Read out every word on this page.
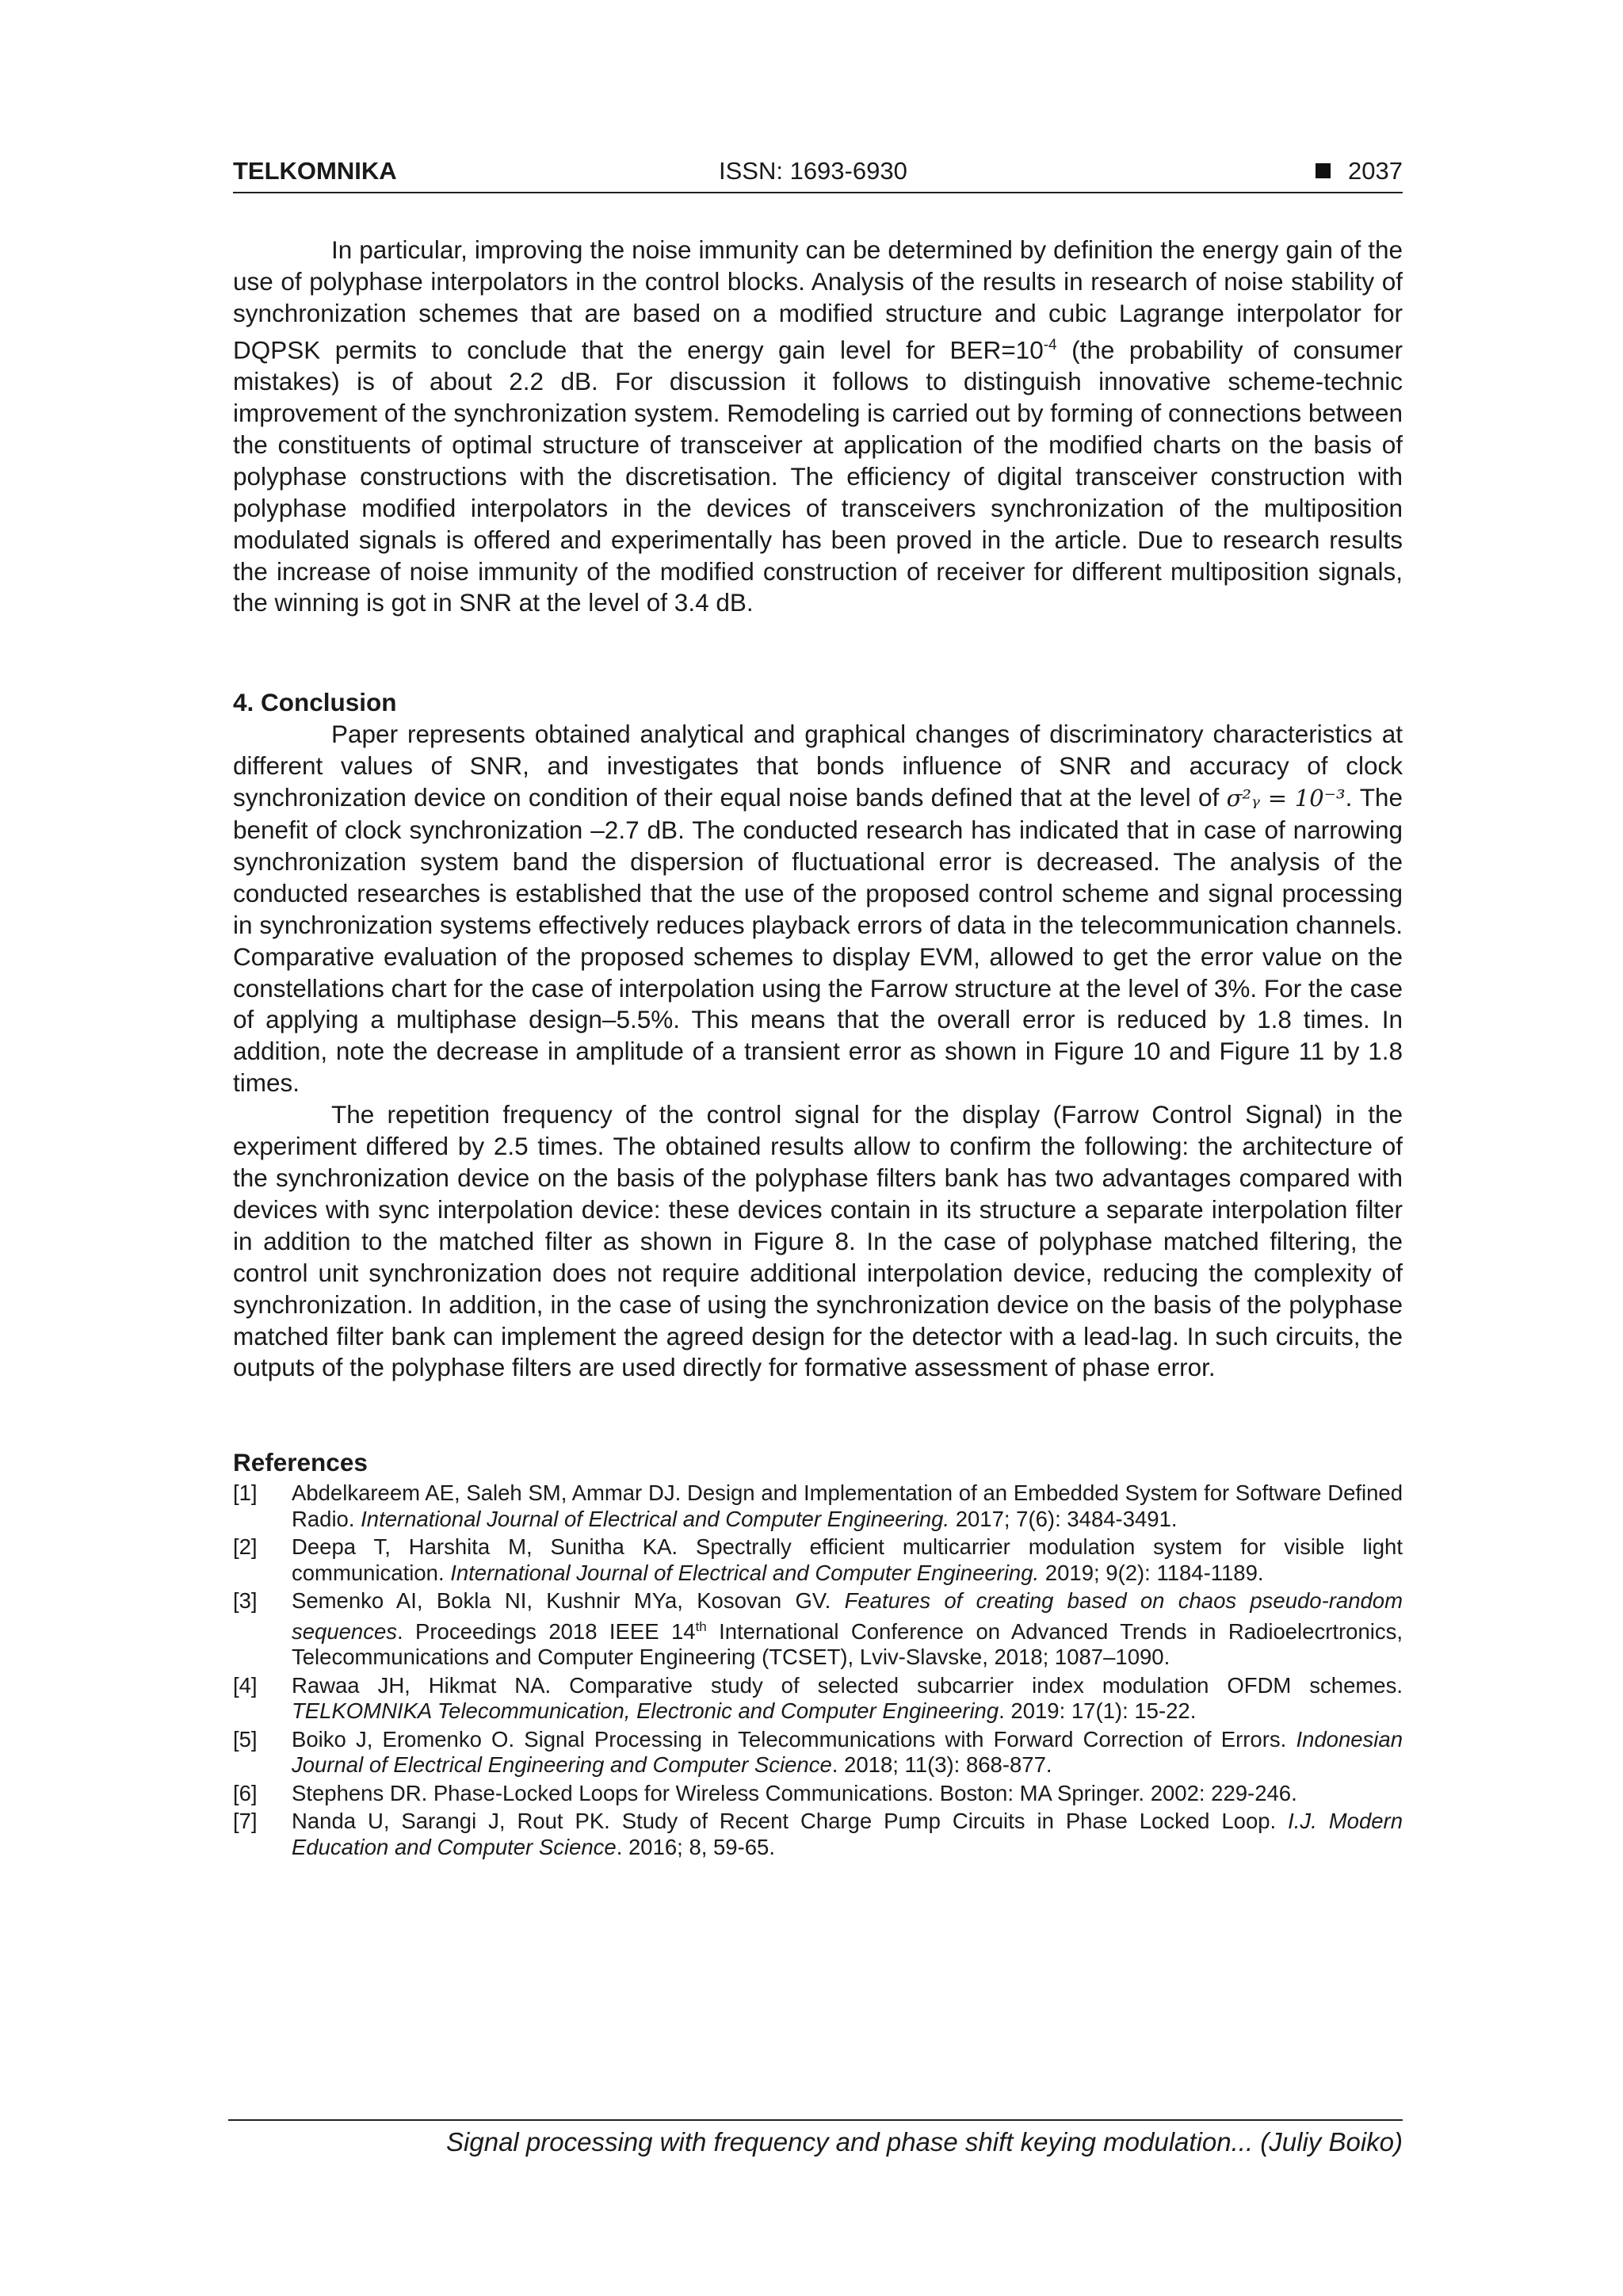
TELKOMNIKA	ISSN: 1693-6930	2037

In particular, improving the noise immunity can be determined by definition the energy gain of the use of polyphase interpolators in the control blocks. Analysis of the results in research of noise stability of synchronization schemes that are based on a modified structure and cubic Lagrange interpolator for DQPSK permits to conclude that the energy gain level for $BER=10^{-4}$ (the probability of consumer mistakes) is of about 2.2 dB. For discussion it follows to distinguish innovative scheme-technic improvement of the synchronization system. Remodeling is carried out by forming of connections between the constituents of optimal structure of transceiver at application of the modified charts on the basis of polyphase constructions with the discretisation. The efficiency of digital transceiver construction with polyphase modified interpolators in the devices of transceivers synchronization of the multiposition modulated signals is offered and experimentally has been proved in the article. Due to research results the increase of noise immunity of the modified construction of receiver for different multiposition signals, the winning is got in SNR at the level of 3.4 dB.

4. Conclusion

Paper represents obtained analytical and graphical changes of discriminatory characteristics at different values of SNR, and investigates that bonds influence of SNR and accuracy of clock synchronization device on condition of their equal noise bands defined that at the level of σ²ᵧ = 10⁻³. The benefit of clock synchronization –2.7 dB. The conducted research has indicated that in case of narrowing synchronization system band the dispersion of fluctuational error is decreased. The analysis of the conducted researches is established that the use of the proposed control scheme and signal processing in synchronization systems effectively reduces playback errors of data in the telecommunication channels. Comparative evaluation of the proposed schemes to display EVM, allowed to get the error value on the constellations chart for the case of interpolation using the Farrow structure at the level of 3%. For the case of applying a multiphase design–5.5%. This means that the overall error is reduced by 1.8 times. In addition, note the decrease in amplitude of a transient error as shown in Figure 10 and Figure 11 by 1.8 times.

The repetition frequency of the control signal for the display (Farrow Control Signal) in the experiment differed by 2.5 times. The obtained results allow to confirm the following: the architecture of the synchronization device on the basis of the polyphase filters bank has two advantages compared with devices with sync interpolation device: these devices contain in its structure a separate interpolation filter in addition to the matched filter as shown in Figure 8. In the case of polyphase matched filtering, the control unit synchronization does not require additional interpolation device, reducing the complexity of synchronization. In addition, in the case of using the synchronization device on the basis of the polyphase matched filter bank can implement the agreed design for the detector with a lead-lag. In such circuits, the outputs of the polyphase filters are used directly for formative assessment of phase error.

References
[1] Abdelkareem AE, Saleh SM, Ammar DJ. Design and Implementation of an Embedded System for Software Defined Radio. International Journal of Electrical and Computer Engineering. 2017; 7(6): 3484-3491.
[2] Deepa T, Harshita M, Sunitha KA. Spectrally efficient multicarrier modulation system for visible light communication. International Journal of Electrical and Computer Engineering. 2019; 9(2): 1184-1189.
[3] Semenko AI, Bokla NI, Kushnir MYa, Kosovan GV. Features of creating based on chaos pseudo-random sequences. Proceedings 2018 IEEE 14th International Conference on Advanced Trends in Radioelecrtronics, Telecommunications and Computer Engineering (TCSET), Lviv-Slavske, 2018; 1087–1090.
[4] Rawaa JH, Hikmat NA. Comparative study of selected subcarrier index modulation OFDM schemes. TELKOMNIKA Telecommunication, Electronic and Computer Engineering. 2019: 17(1): 15-22.
[5] Boiko J, Eromenko O. Signal Processing in Telecommunications with Forward Correction of Errors. Indonesian Journal of Electrical Engineering and Computer Science. 2018; 11(3): 868-877.
[6] Stephens DR. Phase-Locked Loops for Wireless Communications. Boston: MA Springer. 2002: 229-246.
[7] Nanda U, Sarangi J, Rout PK. Study of Recent Charge Pump Circuits in Phase Locked Loop. I.J. Modern Education and Computer Science. 2016; 8, 59-65.
Signal processing with frequency and phase shift keying modulation... (Juliy Boiko)
